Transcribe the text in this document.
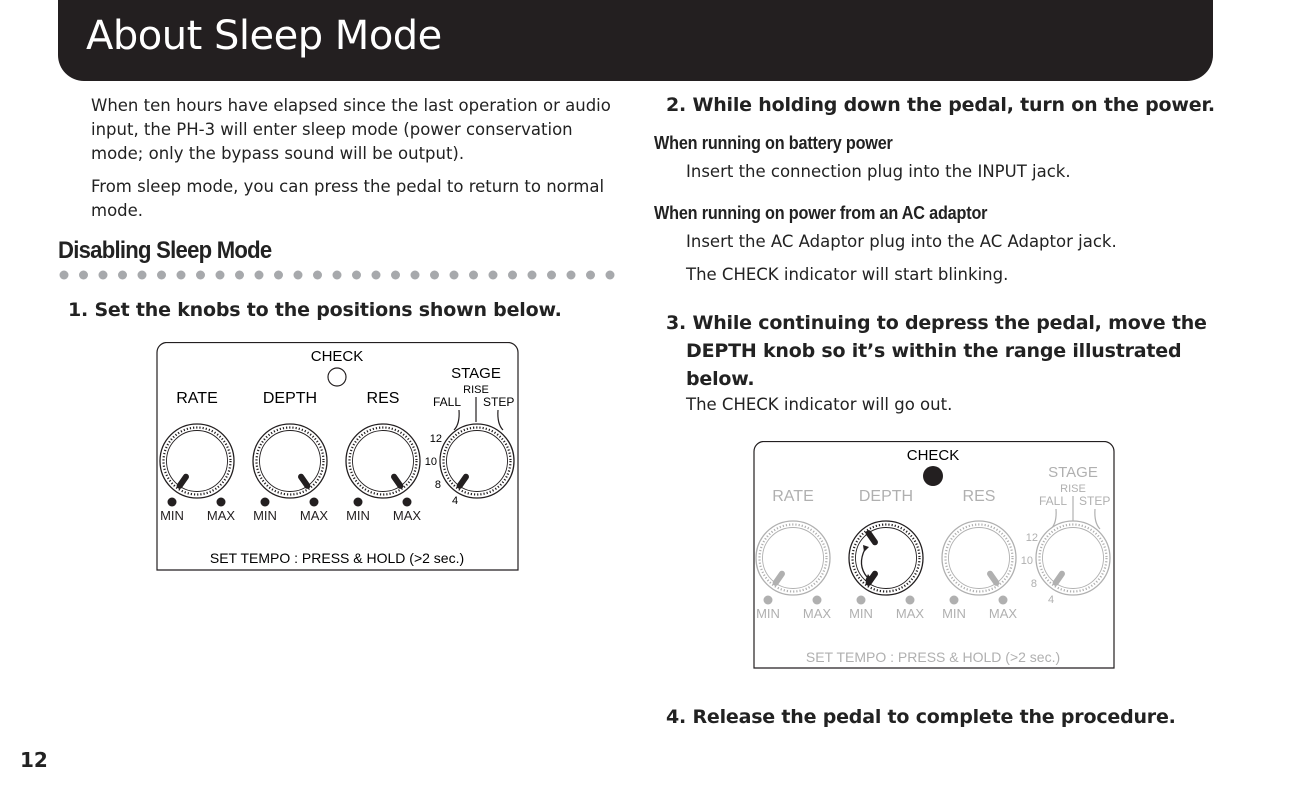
About Sleep Mode
When ten hours have elapsed since the last operation or audio
input, the PH-3 will enter sleep mode (power conservation
mode; only the bypass sound will be output).
From sleep mode, you can press the pedal to return to normal
mode.
Disabling Sleep Mode

1. Set the knobs to the positions shown below.

CHECK
STAGE
RISE
FALL STEP
RATE	DEPTH	RES
12
10
8
4
SET TEMPO : PRESS & HOLD (>2 sec.)
MIN MAX MIN MAX MIN MAX

2. While holding down the pedal, turn on the power.

When running on battery power

Insert the connection plug into the INPUT jack.

When running on power from an AC adaptor

Insert the AC Adaptor plug into the AC Adaptor jack.

The CHECK indicator will start blinking.

3. While continuing to depress the pedal, move the
DEPTH knob so it’s within the range illustrated
below.

The CHECK indicator will go out.

CHECK
STAGE
RISE
FALL STEP
RATE	DEPTH	RES
12
10
8
4
SET TEMPO : PRESS & HOLD (>2 sec.)
MIN MAX MIN MAX MIN MAX

4. Release the pedal to complete the procedure.

12
